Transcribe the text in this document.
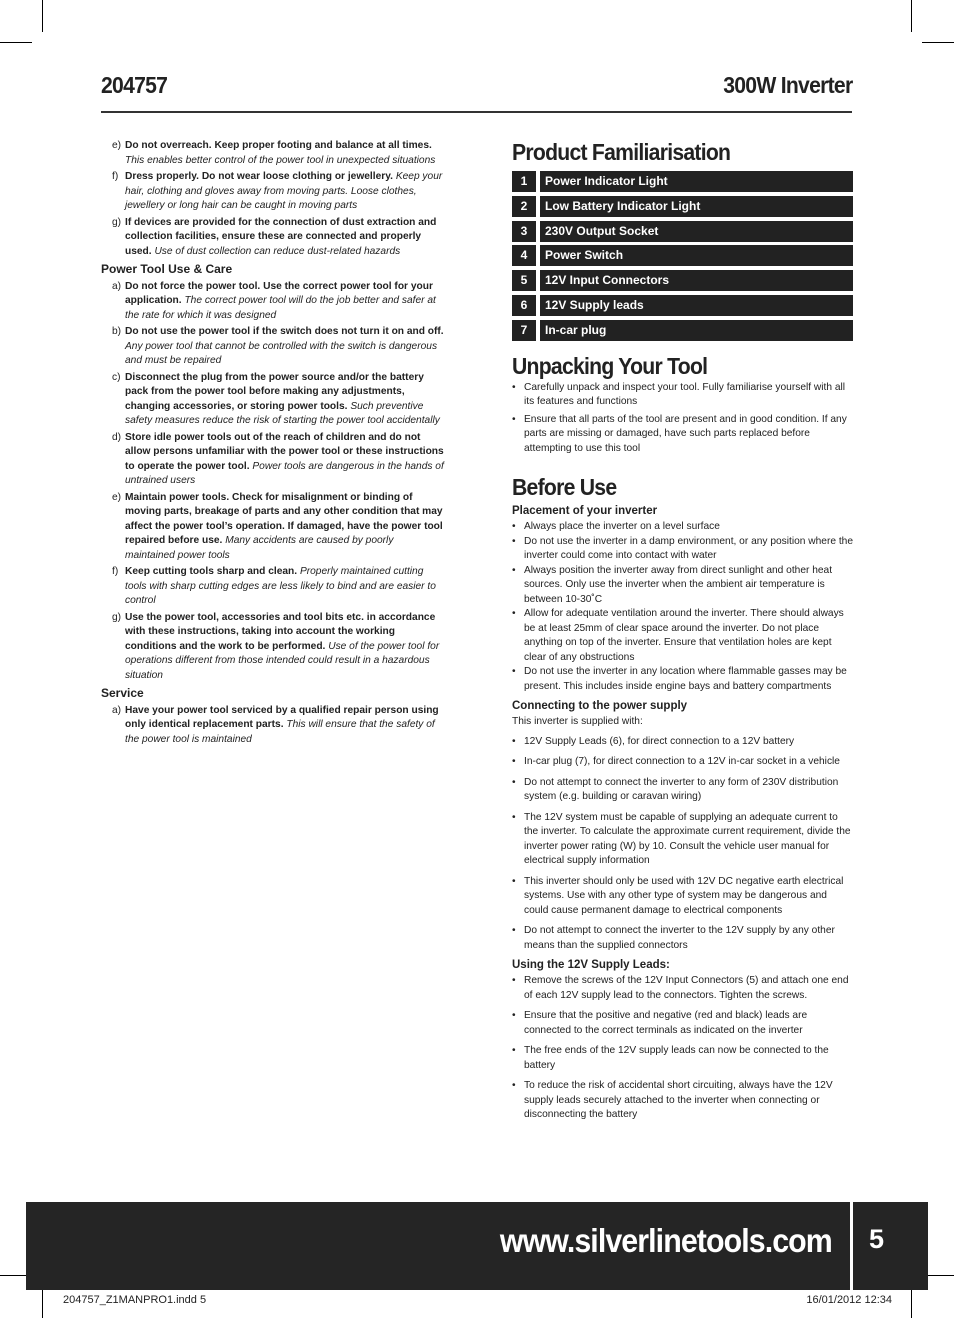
204757	300W Inverter
e) Do not overreach. Keep proper footing and balance at all times. This enables better control of the power tool in unexpected situations
f) Dress properly. Do not wear loose clothing or jewellery. Keep your hair, clothing and gloves away from moving parts. Loose clothes, jewellery or long hair can be caught in moving parts
g) If devices are provided for the connection of dust extraction and collection facilities, ensure these are connected and properly used. Use of dust collection can reduce dust-related hazards
Power Tool Use & Care
a) Do not force the power tool. Use the correct power tool for your application. The correct power tool will do the job better and safer at the rate for which it was designed
b) Do not use the power tool if the switch does not turn it on and off. Any power tool that cannot be controlled with the switch is dangerous and must be repaired
c) Disconnect the plug from the power source and/or the battery pack from the power tool before making any adjustments, changing accessories, or storing power tools. Such preventive safety measures reduce the risk of starting the power tool accidentally
d) Store idle power tools out of the reach of children and do not allow persons unfamiliar with the power tool or these instructions to operate the power tool. Power tools are dangerous in the hands of untrained users
e) Maintain power tools. Check for misalignment or binding of moving parts, breakage of parts and any other condition that may affect the power tool’s operation. If damaged, have the power tool repaired before use. Many accidents are caused by poorly maintained power tools
f) Keep cutting tools sharp and clean. Properly maintained cutting tools with sharp cutting edges are less likely to bind and are easier to control
g) Use the power tool, accessories and tool bits etc. in accordance with these instructions, taking into account the working conditions and the work to be performed. Use of the power tool for operations different from those intended could result in a hazardous situation
Service
a) Have your power tool serviced by a qualified repair person using only identical replacement parts. This will ensure that the safety of the power tool is maintained
Product Familiarisation
1	Power Indicator Light
2	Low Battery Indicator Light
3	230V Output Socket
4	Power Switch
5	12V Input Connectors
6	12V Supply leads
7	In-car plug
Unpacking Your Tool
• Carefully unpack and inspect your tool. Fully familiarise yourself with all its features and functions
• Ensure that all parts of the tool are present and in good condition. If any parts are missing or damaged, have such parts replaced before attempting to use this tool
Before Use
Placement of your inverter
• Always place the inverter on a level surface
• Do not use the inverter in a damp environment, or any position where the inverter could come into contact with water
• Always position the inverter away from direct sunlight and other heat sources. Only use the inverter when the ambient air temperature is between 10-30˚C
• Allow for adequate ventilation around the inverter. There should always be at least 25mm of clear space around the inverter. Do not place anything on top of the inverter. Ensure that ventilation holes are kept clear of any obstructions
• Do not use the inverter in any location where flammable gasses may be present. This includes inside engine bays and battery compartments
Connecting to the power supply
This inverter is supplied with:
• 12V Supply Leads (6), for direct connection to a 12V battery
• In-car plug (7), for direct connection to a 12V in-car socket in a vehicle
• Do not attempt to connect the inverter to any form of 230V distribution system (e.g. building or caravan wiring)
• The 12V system must be capable of supplying an adequate current to the inverter. To calculate the approximate current requirement, divide the inverter power rating (W) by 10. Consult the vehicle user manual for electrical supply information
• This inverter should only be used with 12V DC negative earth electrical systems. Use with any other type of system may be dangerous and could cause permanent damage to electrical components
• Do not attempt to connect the inverter to the 12V supply by any other means than the supplied connectors
Using the 12V Supply Leads:
• Remove the screws of the 12V Input Connectors (5) and attach one end of each 12V supply lead to the connectors. Tighten the screws.
• Ensure that the positive and negative (red and black) leads are connected to the correct terminals as indicated on the inverter
• The free ends of the 12V supply leads can now be connected to the battery
• To reduce the risk of accidental short circuiting, always have the 12V supply leads securely attached to the inverter when connecting or disconnecting the battery
www.silverlinetools.com 5
204757_Z1MANPRO1.indd 5	16/01/2012 12:34
